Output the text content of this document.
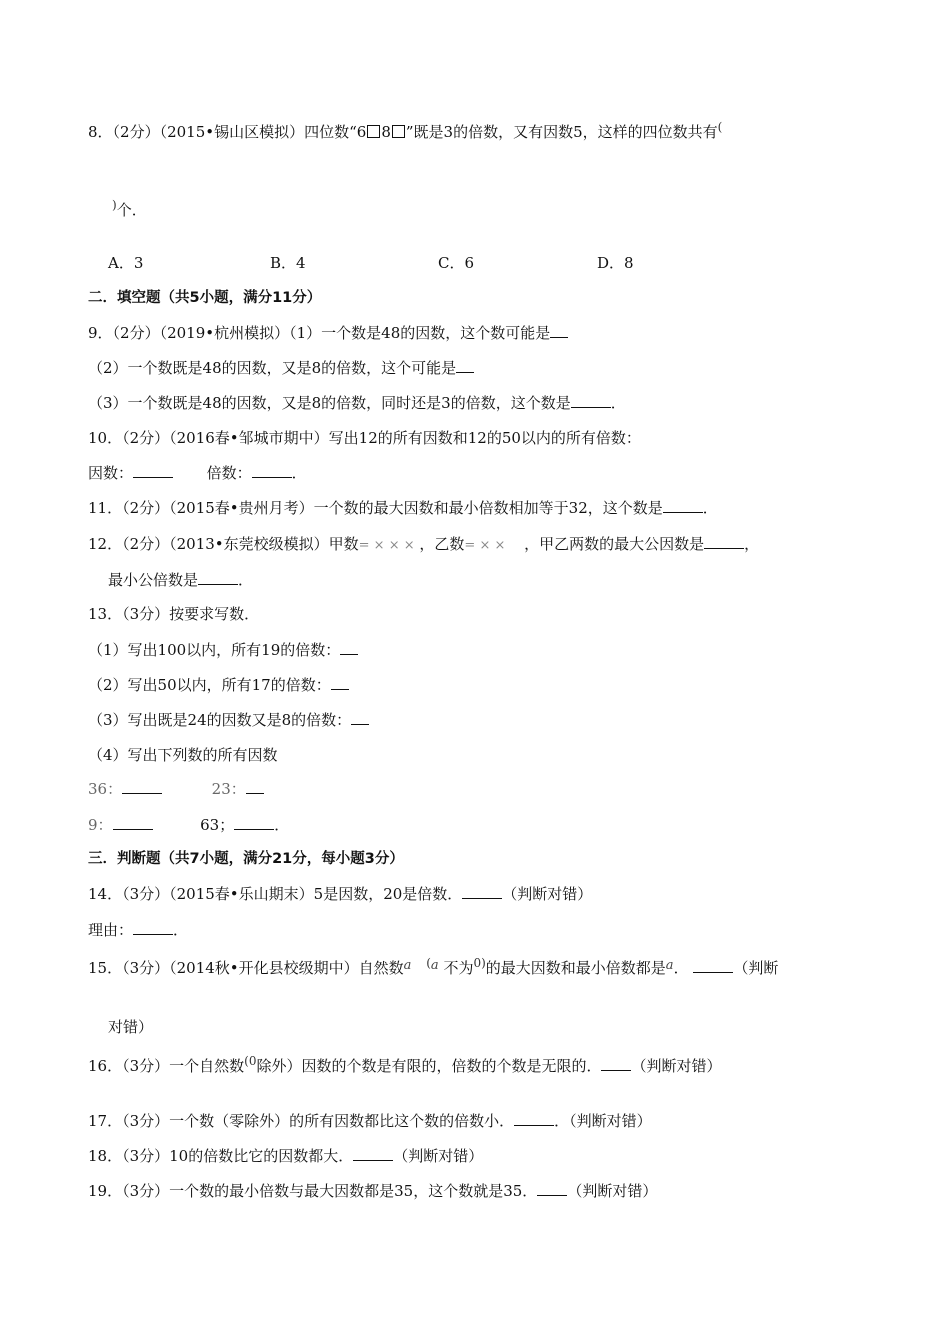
8．（2分）（2015•锡山区模拟）四位数“6 8 ”既是3的倍数，又有因数5，这样的四位数共有(
)个．
A．3	B．4	C．6	D．8
二．填空题（共5小题，满分11分）
9．（2分）（2019•杭州模拟）（1）一个数是48的因数，这个数可能是
（2）一个数既是48的因数，又是8的倍数，这个可能是
（3）一个数既是48的因数，又是8的倍数，同时还是3的倍数，这个数是	．
10．（2分）（2016春•邹城市期中）写出12的所有因数和12的50以内的所有倍数：
因数：	倍数：	．
11．（2分）（2015春•贵州月考）一个数的最大因数和最小倍数相加等于32，这个数是	．
12．（2分）（2013•东莞校级模拟）甲数= × × × ，乙数= × × ，甲乙两数的最大公因数是	，
最小公倍数是	．
13．（3分）按要求写数．
（1）写出100以内，所有19的倍数：
（2）写出50以内，所有17的倍数：
（3）写出既是24的因数又是8的倍数：
（4）写出下列数的所有因数
36：	23：
9：	63；	．
三．判断题（共7小题，满分21分，每小题3分）
14．（3分）（2015春•乐山期末）5是因数，20是倍数．	（判断对错）
理由：	．
15．（3分）（2014秋•开化县校级期中）自然数a (a 不为$^{0)}$的最大因数和最小倍数都是a．	（判断
对错）
16．（3分）一个自然数$^{(0}$除外）因数的个数是有限的，倍数的个数是无限的． （判断对错）
17．（3分）一个数（零除外）的所有因数都比这个数的倍数小．	．（判断对错）
18．（3分）10的倍数比它的因数都大．	（判断对错）
19．（3分）一个数的最小倍数与最大因数都是35，这个数就是35． （判断对错）
